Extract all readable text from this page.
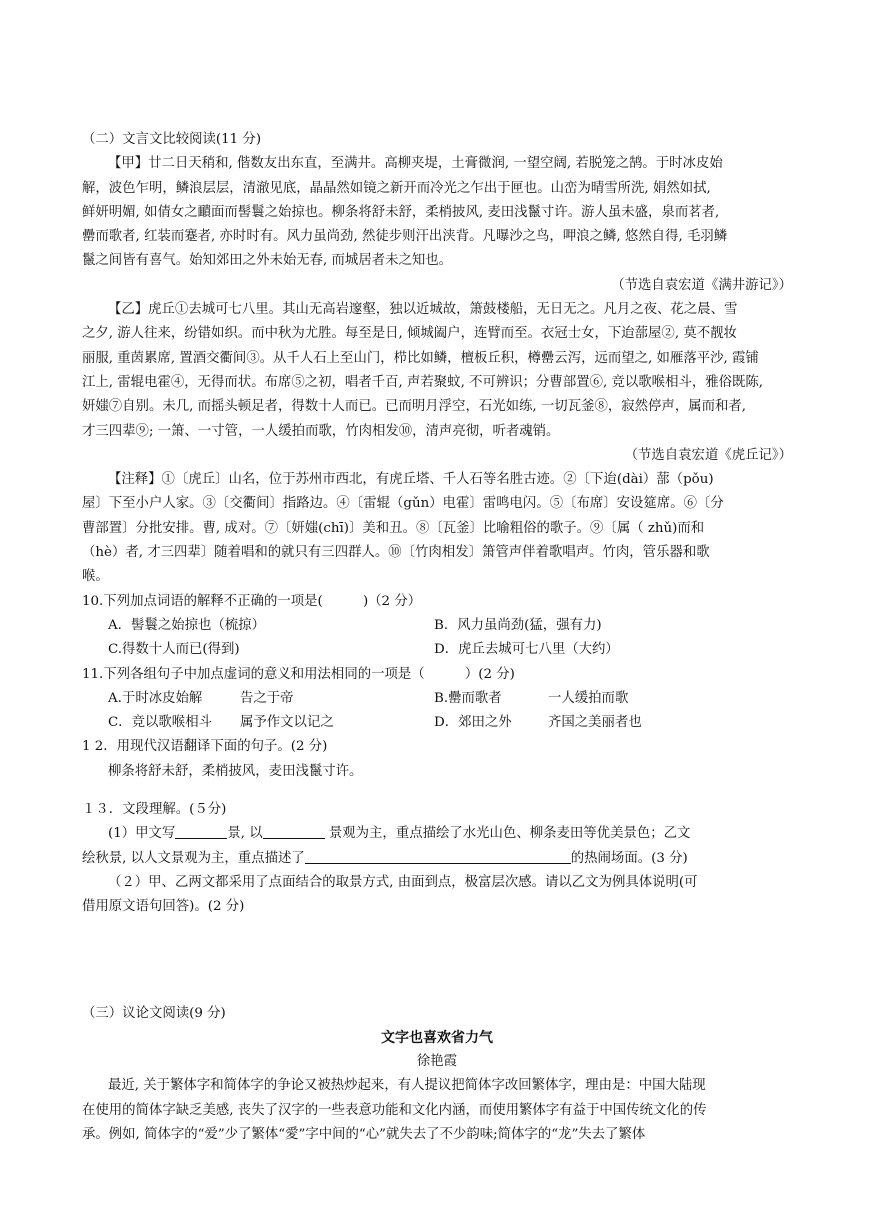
（二）文言文比较阅读(11 分)
【甲】廿二日天稍和, 偕数友出东直，至满井。高柳夹堤，土膏微润, 一望空阔, 若脱笼之鹄。于时冰皮始
解，波色乍明，鳞浪层层，清澈见底，晶晶然如镜之新开而冷光之乍出于匣也。山峦为晴雪所洗, 娟然如拭,
鲜妍明媚, 如倩女之靧面而髻鬟之始掠也。柳条将舒未舒，柔梢披风, 麦田浅鬣寸许。游人虽未盛，泉而茗者,
罍而歌者, 红装而蹇者, 亦时时有。风力虽尚劲, 然徒步则汗出浃背。凡曝沙之鸟，呷浪之鳞, 悠然自得, 毛羽鳞
鬣之间皆有喜气。始知郊田之外未始无春, 而城居者未之知也。
（节选自袁宏道《满井游记》）
【乙】虎丘①去城可七八里。其山无高岩邃壑，独以近城故，箫鼓楼船，无日无之。凡月之夜、花之晨、雪
之夕, 游人往来，纷错如织。而中秋为尤胜。每至是日, 倾城阖户，连臂而至。衣冠士女，下迨蔀屋②, 莫不靓妆
丽服, 重茵累席, 置酒交衢间③。从千人石上至山门，栉比如鳞，檀板丘积，樽罍云泻，远而望之, 如雁落平沙, 霞铺
江上, 雷辊电霍④，无得而状。布席⑤之初，唱者千百, 声若聚蚊, 不可辨识；分曹部置⑥, 竞以歌喉相斗，雅俗既陈,
妍媸⑦自别。未几, 而摇头顿足者，得数十人而已。已而明月浮空，石光如练, 一切瓦釜⑧，寂然停声，属而和者,
才三四辈⑨; 一箫、一寸管，一人缓拍而歌，竹肉相发⑩，清声亮彻，听者魂销。
（节选自袁宏道《虎丘记》）
【注释】①〔虎丘〕山名，位于苏州市西北，有虎丘塔、千人石等名胜古迹。②〔下迨(dài）蔀（pǒu)
屋〕下至小户人家。③〔交衢间〕指路边。④〔雷辊（gǔn）电霍〕雷鸣电闪。⑤〔布席〕安设筵席。⑥〔分
曹部置〕分批安排。曹, 成对。⑦〔妍媸(chī)〕美和丑。⑧〔瓦釜〕比喻粗俗的歌子。⑨〔属（ zhǔ)而和
（hè）者, 才三四辈〕随着唱和的就只有三四群人。⑩〔竹肉相发〕箫管声伴着歌唱声。竹肉，管乐器和歌
喉。
10.下列加点词语的解释不正确的一项是(　　　)（2 分）
A．髻鬟之始掠也（梳掠）	B．风力虽尚劲(猛，强有力)
C.得数十人而已(得到)	D．虎丘去城可七八里（大约）
11.下列各组句子中加点虚词的意义和用法相同的一项是（　　　）(2 分)
A.于时冰皮始解	告之于帝	B.罍而歌者	一人缓拍而歌
C．竞以歌喉相斗	属予作文以记之	D．郊田之外	齐国之美丽者也
1 2．用现代汉语翻译下面的句子。(2 分)
柳条将舒未舒，柔梢披风，麦田浅鬣寸许。
１３．文段理解。(５分)
(1）甲文写	景, 以	景观为主，重点描绘了水光山色、柳条麦田等优美景色；乙文
绘秋景, 以人文景观为主，重点描述了	的热闹场面。(3 分)
（２）甲、乙两文都采用了点面结合的取景方式, 由面到点，极富层次感。请以乙文为例具体说明(可
借用原文语句回答)。(2 分)
（三）议论文阅读(9 分)
文字也喜欢省力气
徐艳霞
最近, 关于繁体字和简体字的争论又被热炒起来，有人提议把简体字改回繁体字，理由是：中国大陆现
在使用的简体字缺乏美感, 丧失了汉字的一些表意功能和文化内涵，而使用繁体字有益于中国传统文化的传
承。例如, 简体字的“爱”少了繁体“愛”字中间的“心”就失去了不少韵味;简体字的“龙”失去了繁体
